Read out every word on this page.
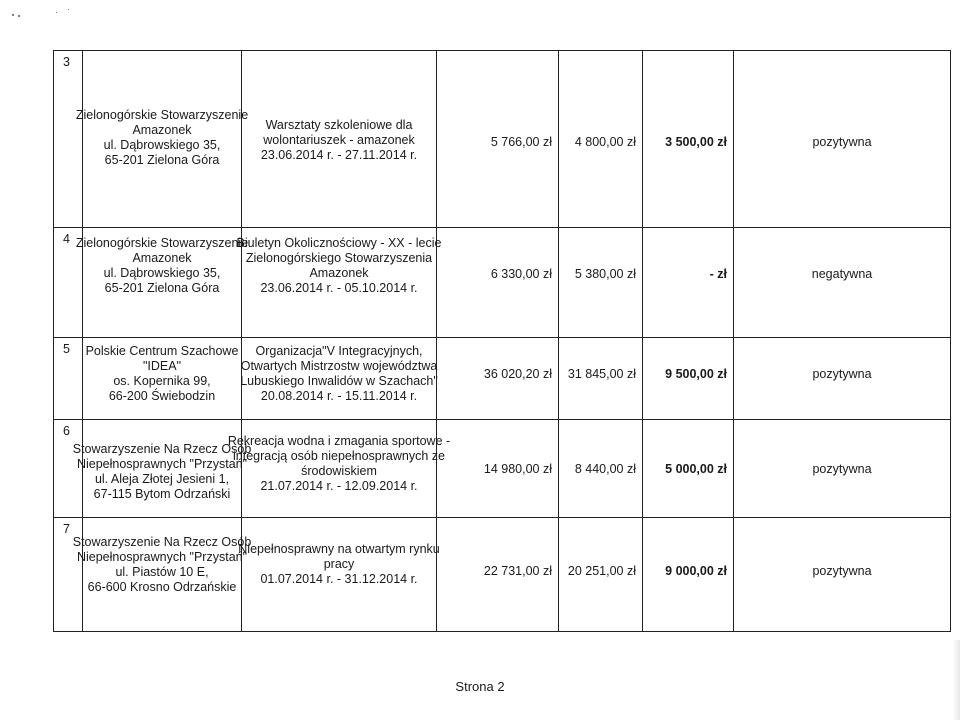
3	Zielonogórskie Stowarzyszenie
Amazonek
ul. Dąbrowskiego 35,
65-201 Zielona Góra	Warsztaty szkoleniowe dla
wolontariuszek - amazonek
23.06.2014 r. - 27.11.2014 r.	5 766,00 zł	4 800,00 zł	3 500,00 zł	pozytywna

4	Zielonogórskie Stowarzyszenie
Amazonek
ul. Dąbrowskiego 35,
65-201 Zielona Góra	Biuletyn Okolicznościowy - XX - lecie
Zielonogórskiego Stowarzyszenia
Amazonek
23.06.2014 r. - 05.10.2014 r.	6 330,00 zł	5 380,00 zł	- zł	negatywna

5	Polskie Centrum Szachowe
"IDEA"
os. Kopernika 99,
66-200 Świebodzin	Organizacja"V Integracyjnych,
Otwartych Mistrzostw województwa
Lubuskiego Inwalidów w Szachach"
20.08.2014 r. - 15.11.2014 r.	36 020,20 zł	31 845,00 zł	9 500,00 zł	pozytywna

6	Stowarzyszenie Na Rzecz Osób
Niepełnosprawnych "Przystań"
ul. Aleja Złotej Jesieni 1,
67-115 Bytom Odrzański	Rekreacja wodna i zmagania sportowe -
integracją osób niepełnosprawnych ze
środowiskiem
21.07.2014 r. - 12.09.2014 r.	14 980,00 zł	8 440,00 zł	5 000,00 zł	pozytywna

7	Stowarzyszenie Na Rzecz Osób
Niepełnosprawnych "Przystań"
ul. Piastów 10 E,
66-600 Krosno Odrzańskie	Niepełnosprawny na otwartym rynku
pracy
01.07.2014 r. - 31.12.2014 r.	22 731,00 zł	20 251,00 zł	9 000,00 zł	pozytywna
Strona 2
